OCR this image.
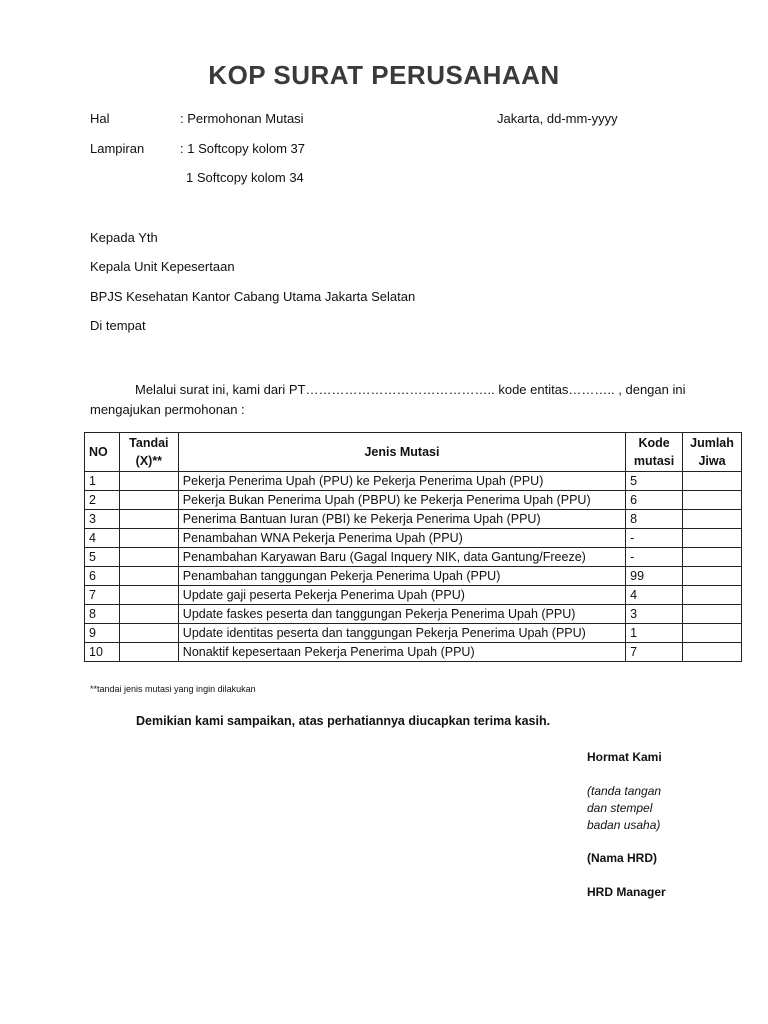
KOP SURAT PERUSAHAAN
Hal	: Permohonan Mutasi	Jakarta, dd-mm-yyyy
Lampiran	: 1 Softcopy kolom 37
1 Softcopy kolom 34
Kepada Yth
Kepala Unit Kepesertaan
BPJS Kesehatan Kantor Cabang Utama Jakarta Selatan
Di tempat
Melalui surat ini, kami dari PT…………………………………….. kode entitas……….. , dengan ini mengajukan permohonan :
NO	Tandai (X)**	Jenis Mutasi	Kode mutasi	Jumlah Jiwa
1		Pekerja Penerima Upah (PPU) ke Pekerja Penerima Upah (PPU)	5	
2		Pekerja Bukan Penerima Upah (PBPU) ke Pekerja Penerima Upah (PPU)	6	
3		Penerima Bantuan Iuran (PBI) ke Pekerja Penerima Upah (PPU)	8	
4		Penambahan WNA Pekerja Penerima Upah (PPU)	-	
5		Penambahan Karyawan Baru (Gagal Inquery NIK, data Gantung/Freeze)	-	
6		Penambahan tanggungan Pekerja Penerima Upah (PPU)	99	
7		Update gaji peserta Pekerja Penerima Upah (PPU)	4	
8		Update faskes peserta dan tanggungan Pekerja Penerima Upah (PPU)	3	
9		Update identitas peserta dan tanggungan Pekerja Penerima Upah (PPU)	1	
10		Nonaktif kepesertaan Pekerja Penerima Upah (PPU)	7	
**tandai jenis mutasi yang ingin dilakukan
Demikian kami sampaikan, atas perhatiannya diucapkan terima kasih.
Hormat Kami
(tanda tangan
dan stempel
badan usaha)
(Nama HRD)
HRD Manager
